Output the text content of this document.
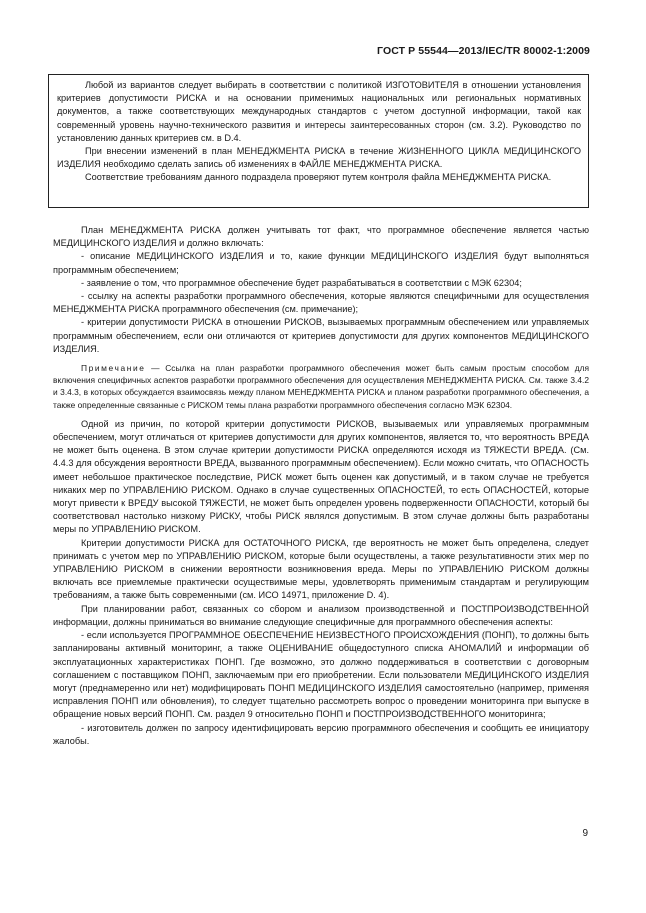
ГОСТ Р 55544—2013/IEC/TR 80002-1:2009

Любой из вариантов следует выбирать в соответствии с политикой ИЗГОТОВИТЕЛЯ в отношении установления критериев допустимости РИСКА и на основании применимых национальных или региональных нормативных документов, а также соответствующих международных стандартов с учетом доступной информации, такой как современный уровень научно-технического развития и интересы заинтересованных сторон (см. 3.2). Руководство по установлению данных критериев см. в D.4.

При внесении изменений в план МЕНЕДЖМЕНТА РИСКА в течение ЖИЗНЕННОГО ЦИКЛА МЕДИЦИНСКОГО ИЗДЕЛИЯ необходимо сделать запись об изменениях в ФАЙЛЕ МЕНЕДЖМЕНТА РИСКА.

Соответствие требованиям данного подраздела проверяют путем контроля файла МЕНЕДЖМЕНТА РИСКА.

План МЕНЕДЖМЕНТА РИСКА должен учитывать тот факт, что программное обеспечение является частью МЕДИЦИНСКОГО ИЗДЕЛИЯ и должно включать:

- описание МЕДИЦИНСКОГО ИЗДЕЛИЯ и то, какие функции МЕДИЦИНСКОГО ИЗДЕЛИЯ будут выполняться программным обеспечением;

- заявление о том, что программное обеспечение будет разрабатываться в соответствии с МЭК 62304;

- ссылку на аспекты разработки программного обеспечения, которые являются специфичными для осуществления МЕНЕДЖМЕНТА РИСКА программного обеспечения (см. примечание);

- критерии допустимости РИСКА в отношении РИСКОВ, вызываемых программным обеспечением или управляемых программным обеспечением, если они отличаются от критериев допустимости для других компонентов МЕДИЦИНСКОГО ИЗДЕЛИЯ.

Примечание — Ссылка на план разработки программного обеспечения может быть самым простым способом для включения специфичных аспектов разработки программного обеспечения для осуществления МЕНЕДЖМЕНТА РИСКА. См. также 3.4.2 и 3.4.3, в которых обсуждается взаимосвязь между планом МЕНЕДЖМЕНТА РИСКА и планом разработки программного обеспечения, а также определенные связанные с РИСКОМ темы плана разработки программного обеспечения согласно МЭК 62304.

Одной из причин, по которой критерии допустимости РИСКОВ, вызываемых или управляемых программным обеспечением, могут отличаться от критериев допустимости для других компонентов, является то, что вероятность ВРЕДА не может быть оценена. В этом случае критерии допустимости РИСКА определяются исходя из ТЯЖЕСТИ ВРЕДА. (См. 4.4.3 для обсуждения вероятности ВРЕДА, вызванного программным обеспечением). Если можно считать, что ОПАСНОСТЬ имеет небольшое практическое последствие, РИСК может быть оценен как допустимый, и в таком случае не требуется никаких мер по УПРАВЛЕНИЮ РИСКОМ. Однако в случае существенных ОПАСНОСТЕЙ, то есть ОПАСНОСТЕЙ, которые могут привести к ВРЕДУ высокой ТЯЖЕСТИ, не может быть определен уровень подверженности ОПАСНОСТИ, который бы соответствовал настолько низкому РИСКУ, чтобы РИСК являлся допустимым. В этом случае должны быть разработаны меры по УПРАВЛЕНИЮ РИСКОМ.

Критерии допустимости РИСКА для ОСТАТОЧНОГО РИСКА, где вероятность не может быть определена, следует принимать с учетом мер по УПРАВЛЕНИЮ РИСКОМ, которые были осуществлены, а также результативности этих мер по УПРАВЛЕНИЮ РИСКОМ в снижении вероятности возникновения вреда. Меры по УПРАВЛЕНИЮ РИСКОМ должны включать все приемлемые практически осуществимые меры, удовлетворять применимым стандартам и регулирующим требованиям, а также быть современными (см. ИСО 14971, приложение D. 4).

При планировании работ, связанных со сбором и анализом производственной и ПОСТПРОИЗВОДСТВЕННОЙ информации, должны приниматься во внимание следующие специфичные для программного обеспечения аспекты:

- если используется ПРОГРАММНОЕ ОБЕСПЕЧЕНИЕ НЕИЗВЕСТНОГО ПРОИСХОЖДЕНИЯ (ПОНП), то должны быть запланированы активный мониторинг, а также ОЦЕНИВАНИЕ общедоступного списка АНОМАЛИЙ и информации об эксплуатационных характеристиках ПОНП. Где возможно, это должно поддерживаться в соответствии с договорным соглашением с поставщиком ПОНП, заключаемым при его приобретении. Если пользователи МЕДИЦИНСКОГО ИЗДЕЛИЯ могут (преднамеренно или нет) модифицировать ПОНП МЕДИЦИНСКОГО ИЗДЕЛИЯ самостоятельно (например, применяя исправления ПОНП или обновления), то следует тщательно рассмотреть вопрос о проведении мониторинга при выпуске в обращение новых версий ПОНП. См. раздел 9 относительно ПОНП и ПОСТПРОИЗВОДСТВЕННОГО мониторинга;

- изготовитель должен по запросу идентифицировать версию программного обеспечения и сообщить ее инициатору жалобы.

9
